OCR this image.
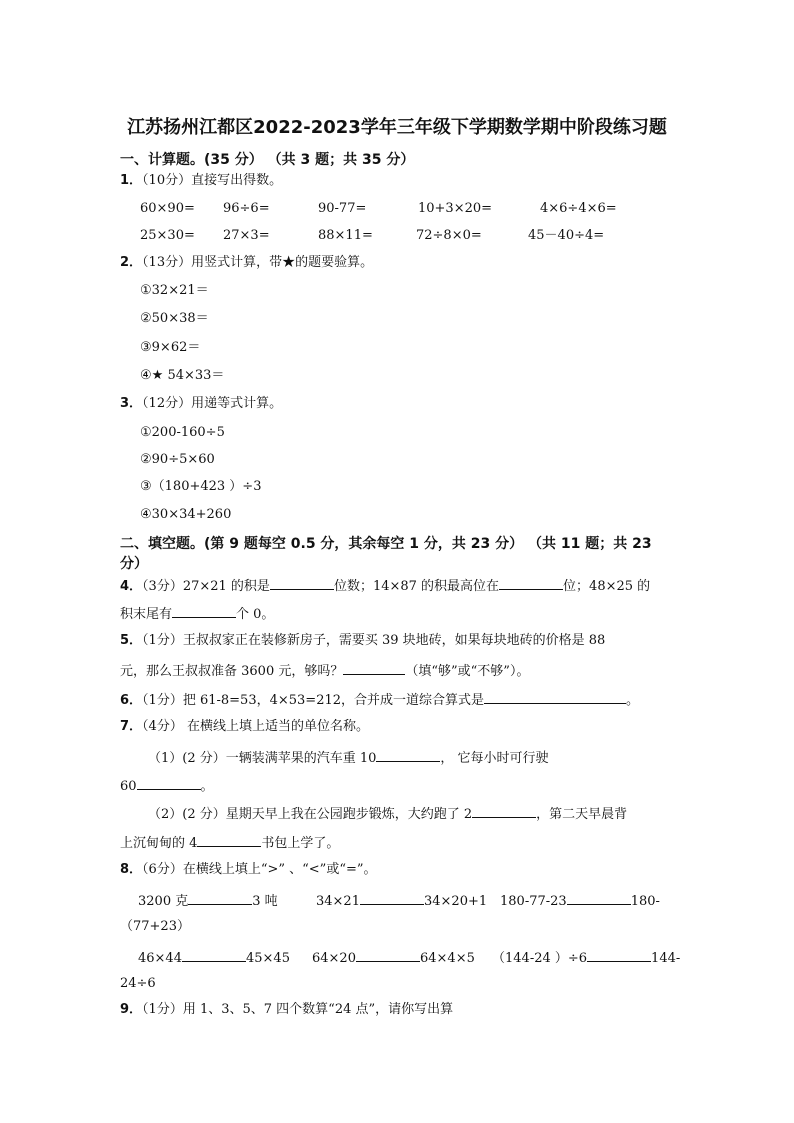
江苏扬州江都区2022-2023学年三年级下学期数学期中阶段练习题
一、计算题。(35 分） （共 3 题；共 35 分）
1．（10分）直接写出得数。
60×90= 96÷6=	90-77=	10+3×20=	4×6÷4×6=
25×30= 27×3=	88×11=	72÷8×0=	45－40÷4=
2．（13分）用竖式计算，带★的题要验算。
①32×21＝
②50×38＝
③9×62＝
④★ 54×33＝
3．（12分）用递等式计算。
①200-160÷5
②90÷5×60
③（180+423 ）÷3
④30×34+260
二、填空题。(第 9 题每空 0.5 分，其余每空 1 分，共 23 分） （共 11 题；共 23
分）
4．（3分）27×21 的积是	位数；14×87 的积最高位在	位；48×25 的
积末尾有	个 0。
5．（1分）王叔叔家正在装修新房子，需要买 39 块地砖，如果每块地砖的价格是 88
元，那么王叔叔准备 3600 元，够吗？	（填“够”或“不够”）。
6．（1分）把 61-8=53，4×53=212，合并成一道综合算式是	。
7．（4分） 在横线上填上适当的单位名称。
（1）(2 分）一辆装满苹果的汽车重 10	， 它每小时可行驶
60	。
（2）(2 分）星期天早上我在公园跑步锻炼，大约跑了 2	，第二天早晨背
上沉甸甸的 4	书包上学了。
8．（6分）在横线上填上“>” 、“<”或“=”。
3200 克	3 吨	34×21	34×20+1 180-77-23	180-
（77+23）
46×44	45×45	64×20	64×4×5	（144-24 ）÷6	144-
24÷6
9．（1分）用 1、3、5、7 四个数算“24 点”，请你写出算
